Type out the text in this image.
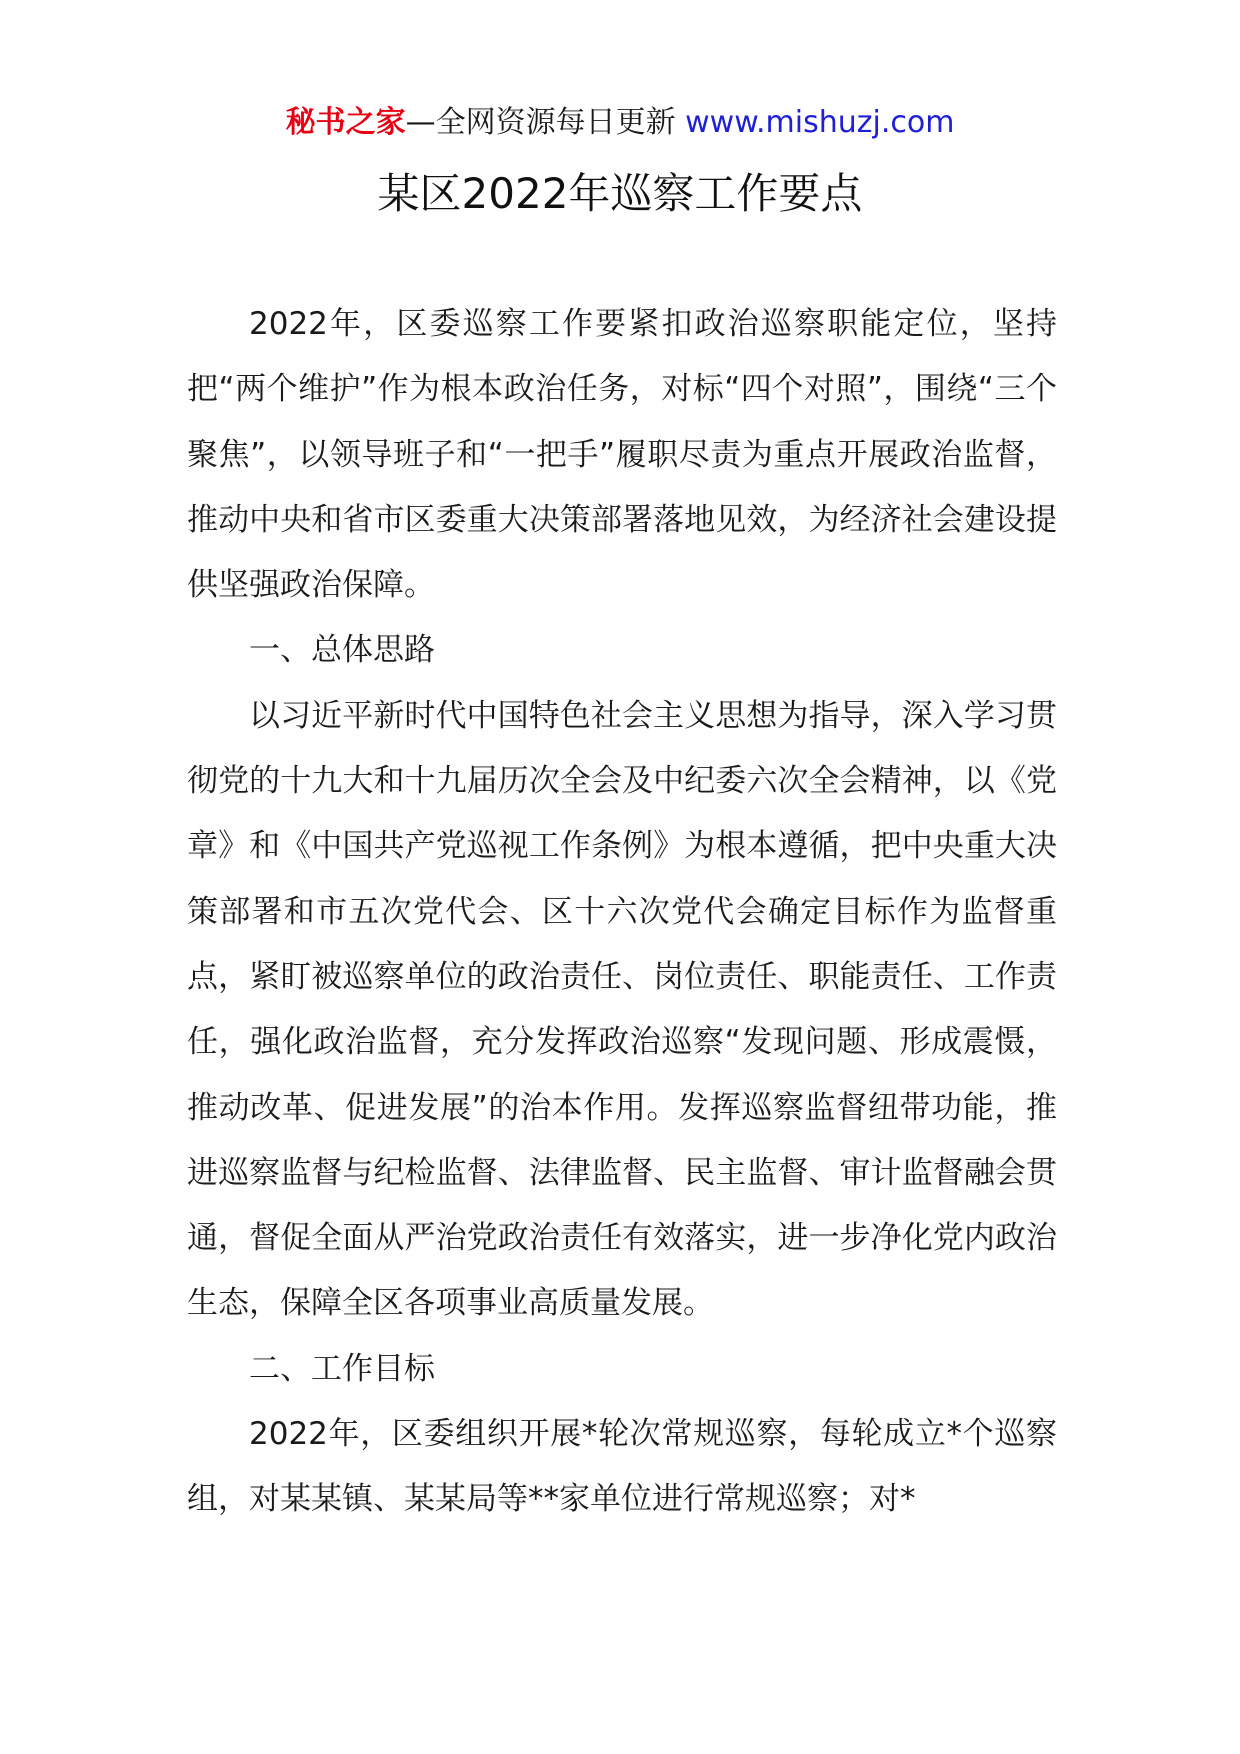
秘书之家—全网资源每日更新 www.mishuzj.com
某区2022年巡察工作要点

2022年，区委巡察工作要紧扣政治巡察职能定位，坚持把“两个维护”作为根本政治任务，对标“四个对照”，围绕“三个聚焦”，以领导班子和“一把手”履职尽责为重点开展政治监督，推动中央和省市区委重大决策部署落地见效，为经济社会建设提供坚强政治保障。

一、总体思路

以习近平新时代中国特色社会主义思想为指导，深入学习贯彻党的十九大和十九届历次全会及中纪委六次全会精神，以《党章》和《中国共产党巡视工作条例》为根本遵循，把中央重大决策部署和市五次党代会、区十六次党代会确定目标作为监督重点，紧盯被巡察单位的政治责任、岗位责任、职能责任、工作责任，强化政治监督，充分发挥政治巡察“发现问题、形成震慑，推动改革、促进发展”的治本作用。发挥巡察监督纽带功能，推进巡察监督与纪检监督、法律监督、民主监督、审计监督融会贯通，督促全面从严治党政治责任有效落实，进一步净化党内政治生态，保障全区各项事业高质量发展。

二、工作目标

2022年，区委组织开展*轮次常规巡察，每轮成立*个巡察组，对某某镇、某某局等**家单位进行常规巡察；对*
